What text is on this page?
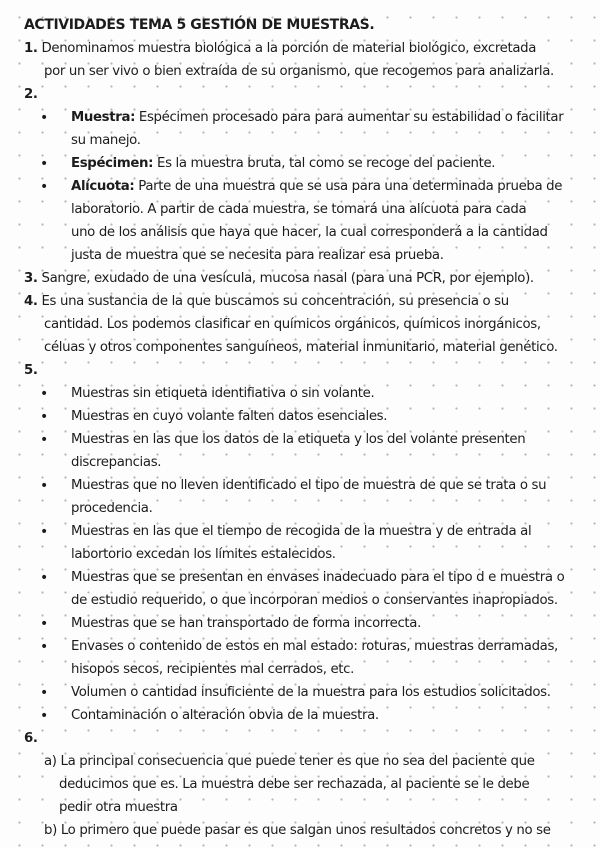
ACTIVIDADES TEMA 5 GESTIÓN DE MUESTRAS.
1. Denominamos muestra biológica a la porción de material biológico, excretada
por un ser vivo o bien extraída de su organismo, que recogemos para analizarla.
2.
• Muestra: Espécimen procesado para para aumentar su estabilidad o facilitar
su manejo.
• Espécimen: Es la muestra bruta, tal como se recoge del paciente.
• Alícuota: Parte de una muestra que se usa para una determinada prueba de
laboratorio. A partir de cada muestra, se tomará una alícuota para cada
uno de los análisis que haya que hacer, la cual corresponderá a la cantidad
justa de muestra que se necesita para realizar esa prueba.
3. Sangre, exudado de una vesícula, mucosa nasal (para una PCR, por ejemplo).
4. Es una sustancia de la que buscamos su concentración, su presencia o su
cantidad. Los podemos clasificar en químicos orgánicos, químicos inorgánicos,
céluas y otros componentes sanguíneos, material inmunitario, material genético.
5.
• Muestras sin etiqueta identifiativa o sin volante.
• Muestras en cuyo volante falten datos esenciales.
• Muestras en las que los datos de la etiqueta y los del volante presenten
discrepancias.
• Muestras que no lleven identificado el tipo de muestra de que se trata o su
procedencia.
• Muestras en las que el tiempo de recogida de la muestra y de entrada al
labortorio excedan los límites estalecidos.
• Muestras que se presentan en envases inadecuado para el tipo d e muestra o
de estudio requerido, o que incorporan medios o conservantes inapropiados.
• Muestras que se han transportado de forma incorrecta.
• Envases o contenido de estos en mal estado: roturas, muestras derramadas,
hisopos secos, recipientes mal cerrados, etc.
• Volumen o cantidad insuficiente de la muestra para los estudios solicitados.
• Contaminación o alteración obvia de la muestra.
6.
a) La principal consecuencia que puede tener es que no sea del paciente que
deducimos que es. La muestra debe ser rechazada, al paciente se le debe
pedir otra muestra
b) Lo primero que puede pasar es que salgan unos resultados concretos y no se
